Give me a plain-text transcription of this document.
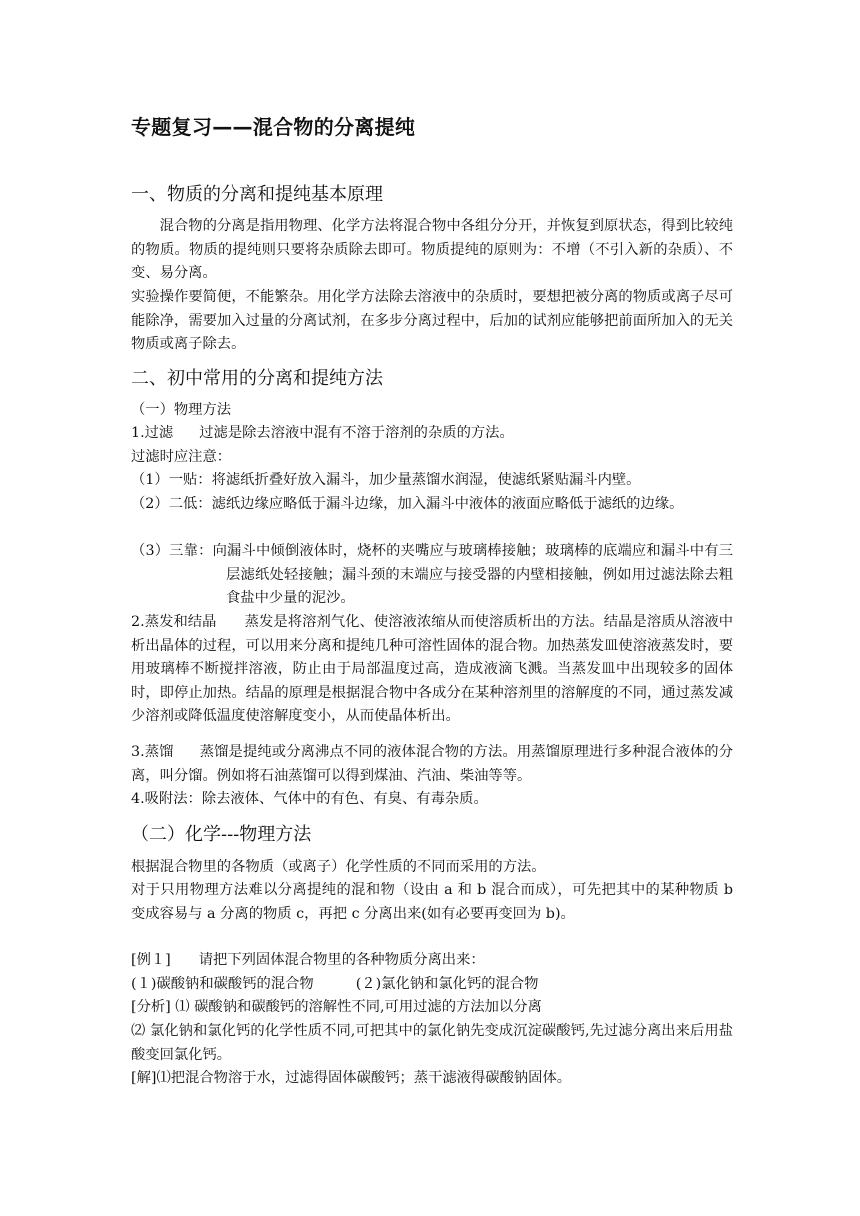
专题复习——混合物的分离提纯
一、物质的分离和提纯基本原理
混合物的分离是指用物理、化学方法将混合物中各组分分开，并恢复到原状态，得到比较纯的物质。物质的提纯则只要将杂质除去即可。物质提纯的原则为：不增（不引入新的杂质）、不变、易分离。
实验操作要简便，不能繁杂。用化学方法除去溶液中的杂质时，要想把被分离的物质或离子尽可能除净，需要加入过量的分离试剂，在多步分离过程中，后加的试剂应能够把前面所加入的无关物质或离子除去。
二、初中常用的分离和提纯方法
（一）物理方法
1.过滤 过滤是除去溶液中混有不溶于溶剂的杂质的方法。
过滤时应注意：
（1）一贴：将滤纸折叠好放入漏斗，加少量蒸馏水润湿，使滤纸紧贴漏斗内壁。
（2）二低：滤纸边缘应略低于漏斗边缘，加入漏斗中液体的液面应略低于滤纸的边缘。
（3）三靠：向漏斗中倾倒液体时，烧杯的夹嘴应与玻璃棒接触；玻璃棒的底端应和漏斗中有三层滤纸处轻接触；漏斗颈的末端应与接受器的内壁相接触，例如用过滤法除去粗食盐中少量的泥沙。
2.蒸发和结晶 蒸发是将溶剂气化、使溶液浓缩从而使溶质析出的方法。结晶是溶质从溶液中析出晶体的过程，可以用来分离和提纯几种可溶性固体的混合物。加热蒸发皿使溶液蒸发时，要用玻璃棒不断搅拌溶液，防止由于局部温度过高，造成液滴飞溅。当蒸发皿中出现较多的固体时，即停止加热。结晶的原理是根据混合物中各成分在某种溶剂里的溶解度的不同，通过蒸发减少溶剂或降低温度使溶解度变小，从而使晶体析出。
3.蒸馏 蒸馏是提纯或分离沸点不同的液体混合物的方法。用蒸馏原理进行多种混合液体的分离，叫分馏。例如将石油蒸馏可以得到煤油、汽油、柴油等等。
4.吸附法：除去液体、气体中的有色、有臭、有毒杂质。
（二）化学---物理方法
根据混合物里的各物质（或离子）化学性质的不同而采用的方法。
对于只用物理方法难以分离提纯的混和物（设由 a 和 b 混合而成），可先把其中的某种物质 b 变成容易与 a 分离的物质 c，再把 c 分离出来(如有必要再变回为 b)。
[例１] 请把下列固体混合物里的各种物质分离出来：
(１)碳酸钠和碳酸钙的混合物	(２)氯化钠和氯化钙的混合物
[分析] ⑴ 碳酸钠和碳酸钙的溶解性不同,可用过滤的方法加以分离
⑵ 氯化钠和氯化钙的化学性质不同,可把其中的氯化钠先变成沉淀碳酸钙,先过滤分离出来后用盐酸变回氯化钙。
[解]⑴把混合物溶于水，过滤得固体碳酸钙；蒸干滤液得碳酸钠固体。
